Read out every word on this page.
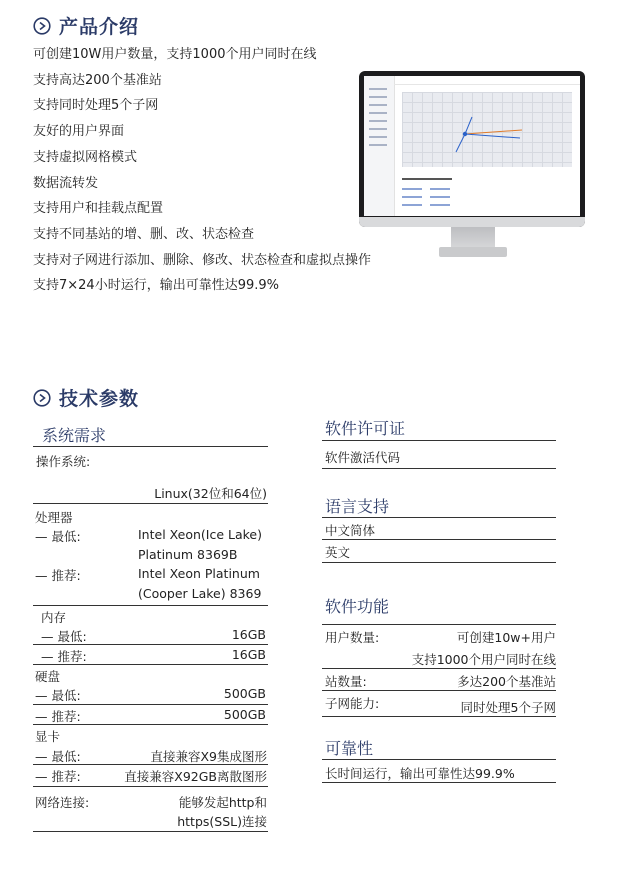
产品介绍
可创建10W用户数量，支持1000个用户同时在线
支持高达200个基准站
支持同时处理5个子网
友好的用户界面
支持虚拟网格模式
数据流转发
支持用户和挂载点配置
支持不同基站的增、删、改、状态检查
支持对子网进行添加、删除、修改、状态检查和虚拟点操作
支持7×24小时运行，输出可靠性达99.9%
技术参数
系统需求
操作系统:
Linux(32位和64位)
处理器
— 最低:	Intel Xeon(Ice Lake)
Platinum 8369B
— 推荐:	Intel Xeon Platinum
(Cooper Lake) 8369
内存
— 最低:	16GB
— 推荐:	16GB
硬盘
— 最低:	500GB
— 推荐:	500GB
显卡
— 最低:	直接兼容X9集成图形
— 推荐:	直接兼容X92GB离散图形
网络连接:	能够发起http和
https(SSL)连接
软件许可证
软件激活代码
语言支持
中文简体
英文
软件功能
用户数量:	可创建10w+用户
支持1000个用户同时在线
站数量:	多达200个基准站
子网能力:	同时处理5个子网
可靠性
长时间运行，输出可靠性达99.9%
